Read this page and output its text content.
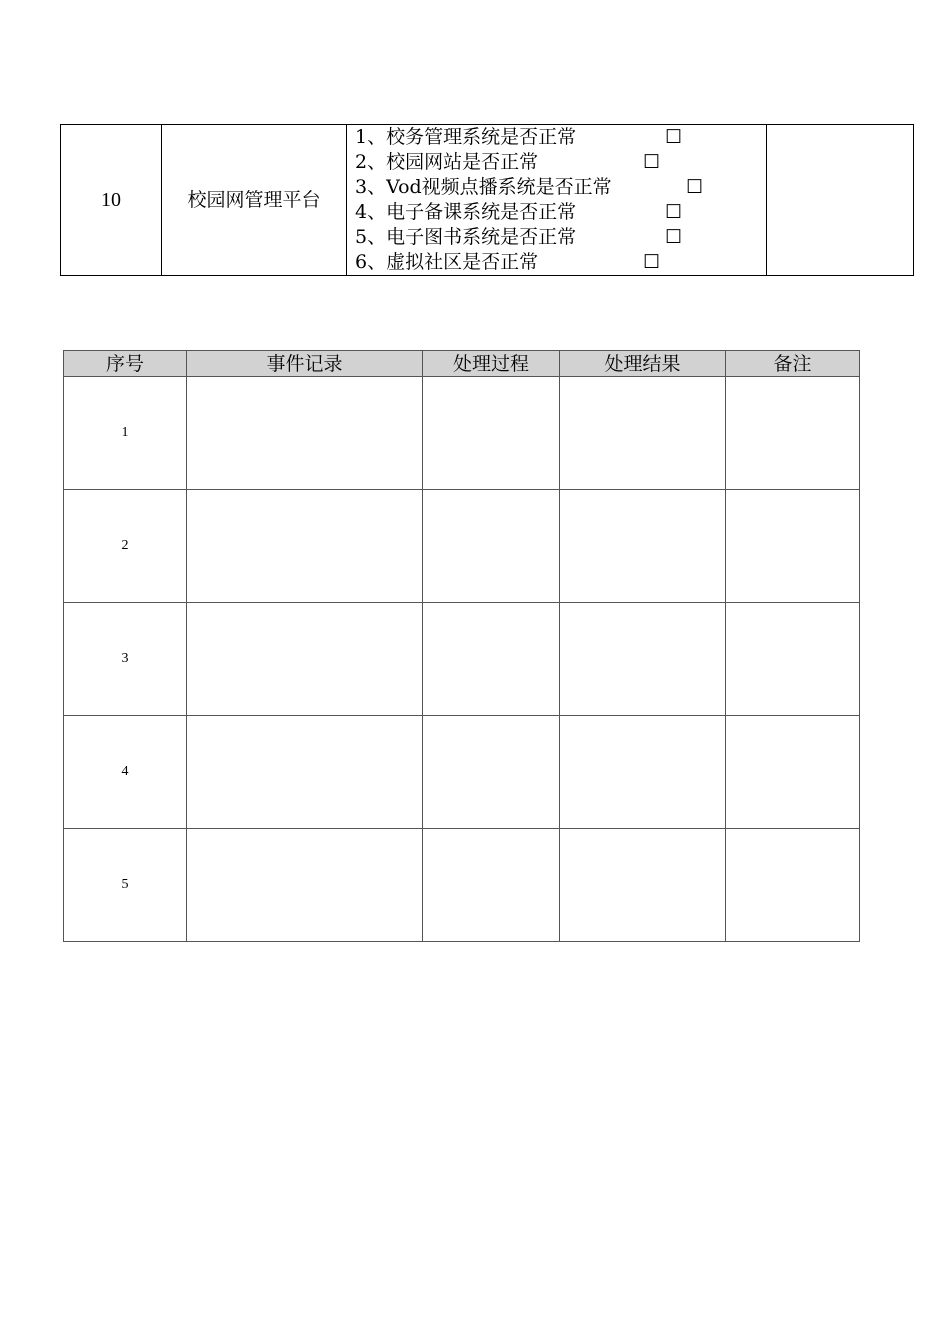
10	校园网管理平台	
1、校务管理系统是否正常	☐
2、校园网站是否正常	☐
3、Vod视频点播系统是否正常	☐
4、电子备课系统是否正常	☐
5、电子图书系统是否正常	☐
6、虚拟社区是否正常	☐

序号	事件记录	处理过程	处理结果	备注
1				
2				
3				
4				
5				
